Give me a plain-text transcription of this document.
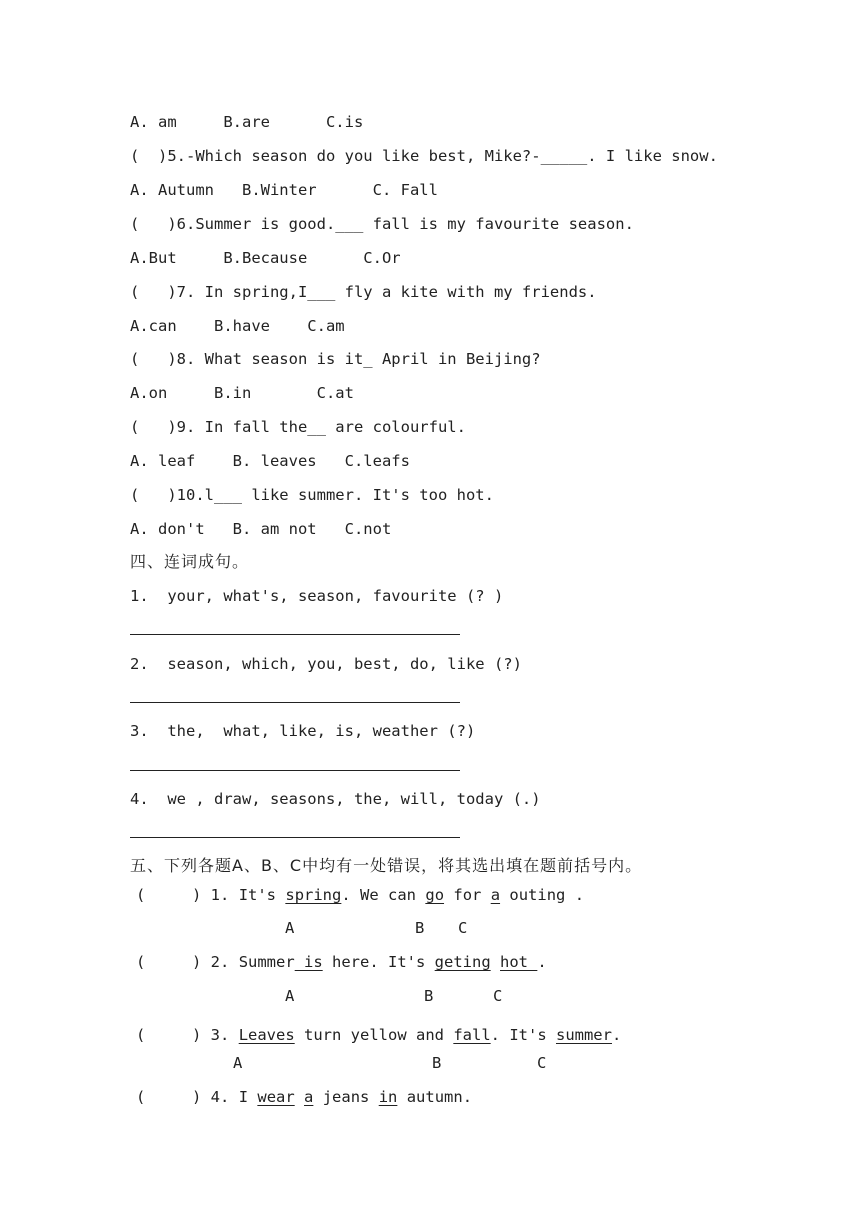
A. am     B.are      C.is
(  )5.-Which season do you like best, Mike?-_____. I like snow.
A. Autumn   B.Winter      C. Fall
(   )6.Summer is good.___ fall is my favourite season.
A.But     B.Because      C.Or
(   )7. In spring,I___ fly a kite with my friends.
A.can    B.have    C.am
(   )8. What season is it_ April in Beijing?
A.on     B.in       C.at
(   )9. In fall the__ are colourful.
A. leaf    B. leaves   C.leafs
(   )10.l___ like summer. It's too hot.
A. don't   B. am not   C.not
四、连词成句。
1.  your, what's, season, favourite (? )
2.  season, which, you, best, do, like (?)
3.  the,  what, like, is, weather (?)
4.  we , draw, seasons, the, will, today (.)
五、下列各题A、B、C中均有一处错误，将其选出填在题前括号内。
(     ) 1. It's spring. We can go for a outing .
A	B C
(     ) 2. Summer is here. It's geting hot .
A	B	C
(     ) 3. Leaves turn yellow and fall. It's summer.
A	B	C
(     ) 4. I wear a jeans in autumn.
